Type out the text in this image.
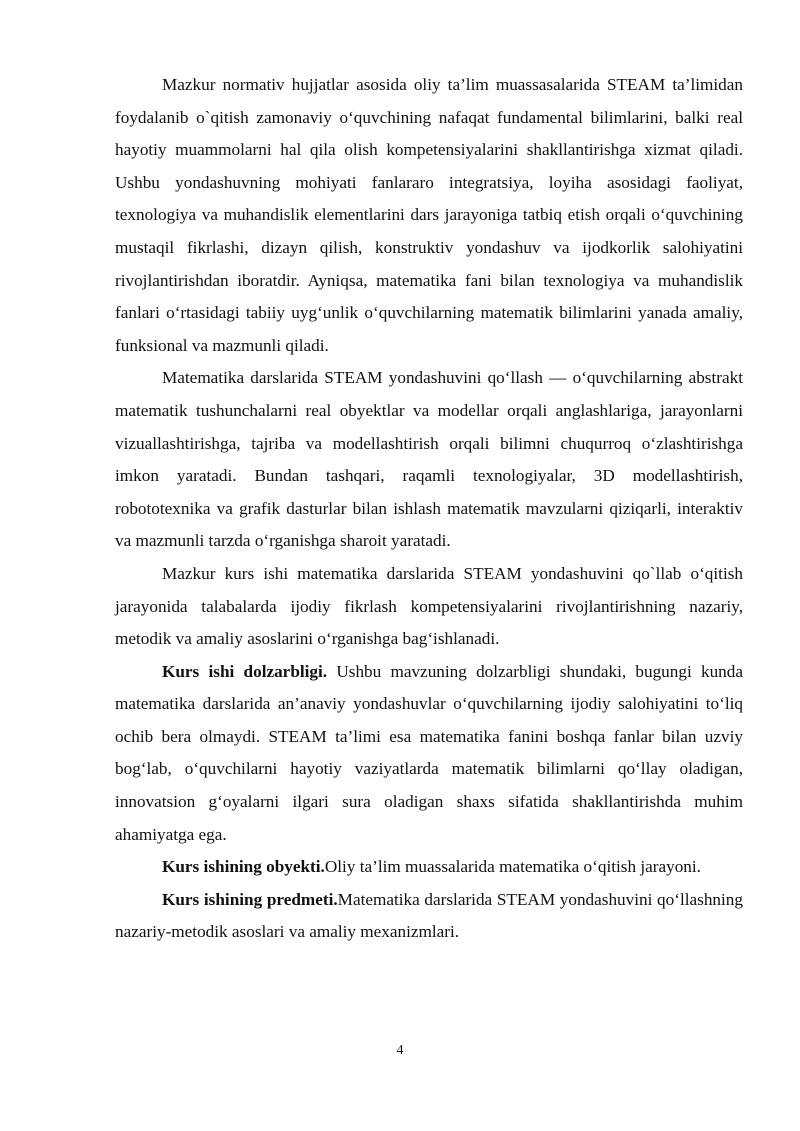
Mazkur normativ hujjatlar asosida oliy ta’lim muassasalarida STEAM ta’limidan foydalanib o`qitish zamonaviy o‘quvchining nafaqat fundamental bilimlarini, balki real hayotiy muammolarni hal qila olish kompetensiyalarini shakllantirishga xizmat qiladi. Ushbu yondashuvning mohiyati fanlararo integratsiya, loyiha asosidagi faoliyat, texnologiya va muhandislik elementlarini dars jarayoniga tatbiq etish orqali o‘quvchining mustaqil fikrlashi, dizayn qilish, konstruktiv yondashuv va ijodkorlik salohiyatini rivojlantirishdan iboratdir. Ayniqsa, matematika fani bilan texnologiya va muhandislik fanlari o‘rtasidagi tabiiy uyg‘unlik o‘quvchilarning matematik bilimlarini yanada amaliy, funksional va mazmunli qiladi.

Matematika darslarida STEAM yondashuvini qo‘llash — o‘quvchilarning abstrakt matematik tushunchalarni real obyektlar va modellar orqali anglashlariga, jarayonlarni vizuallashtirishga, tajriba va modellashtirish orqali bilimni chuqurroq o‘zlashtirishga imkon yaratadi. Bundan tashqari, raqamli texnologiyalar, 3D modellashtirish, robototexnika va grafik dasturlar bilan ishlash matematik mavzularni qiziqarli, interaktiv va mazmunli tarzda o‘rganishga sharoit yaratadi.

Mazkur kurs ishi matematika darslarida STEAM yondashuvini qo`llab o‘qitish jarayonida talabalarda ijodiy fikrlash kompetensiyalarini rivojlantirishning nazariy, metodik va amaliy asoslarini o‘rganishga bag‘ishlanadi.

Kurs ishi dolzarbligi. Ushbu mavzuning dolzarbligi shundaki, bugungi kunda matematika darslarida an’anaviy yondashuvlar o‘quvchilarning ijodiy salohiyatini to‘liq ochib bera olmaydi. STEAM ta’limi esa matematika fanini boshqa fanlar bilan uzviy bog‘lab, o‘quvchilarni hayotiy vaziyatlarda matematik bilimlarni qo‘llay oladigan, innovatsion g‘oyalarni ilgari sura oladigan shaxs sifatida shakllantirishda muhim ahamiyatga ega.

Kurs ishining obyekti.Oliy ta’lim muassalarida matematika o‘qitish jarayoni.

Kurs ishining predmeti.Matematika darslarida STEAM yondashuvini qo‘llashning nazariy-metodik asoslari va amaliy mexanizmlari.

4
